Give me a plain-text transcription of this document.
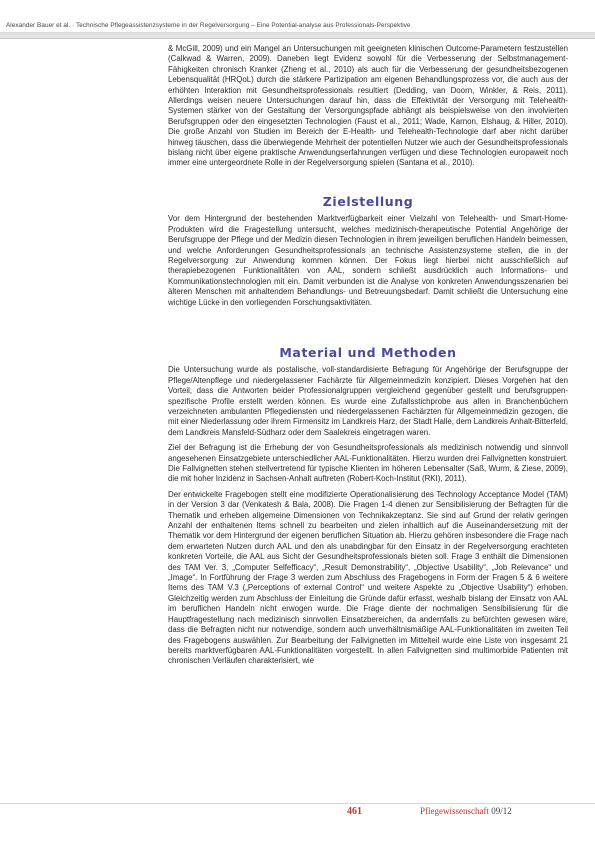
Alexander Bauer et al. · Technische Pflegeassistenzsysteme in der Regelversorgung – Eine Potential-analyse aus Professionals-Perspektive

& McGill, 2009) und ein Mangel an Untersuchungen mit geeigneten klinischen Outcome-Parametern festzustellen (Calkwad & Warren, 2009). Daneben liegt Evidenz sowohl für die Verbesserung der Selbstmanagement-Fähigkeiten chronisch Kranker (Zheng et al., 2010) als auch für die Verbesserung der gesundheitsbezogenen Lebensqualität (HRQoL) durch die stärkere Partizipation am eigenen Behandlungsprozess vor, die auch aus der erhöhten Interaktion mit Gesundheitsprofessionals resultiert (Dedding, van Doorn, Winkler, & Reis, 2011). Allerdings weisen neuere Untersuchungen darauf hin, dass die Effektivität der Versorgung mit Telehealth-Systemen stärker von der Gestaltung der Versorgungspfade abhängt als beispielsweise von den involvierten Berufsgruppen oder den eingesetzten Technologien (Faust et al., 2011; Wade, Karnon, Elshaug, & Hiller, 2010). Die große Anzahl von Studien im Bereich der E-Health- und Telehealth-Technologie darf aber nicht darüber hinweg täuschen, dass die überwiegende Mehrheit der potentiellen Nutzer wie auch der Gesundheitsprofessionals bislang nicht über eigene praktische Anwendungserfahrungen verfügen und diese Technologien europaweit noch immer eine untergeordnete Rolle in der Regelversorgung spielen (Santana et al., 2010).

Zielstellung

Vor dem Hintergrund der bestehenden Marktverfügbarkeit einer Vielzahl von Telehealth- und Smart-Home-Produkten wird die Fragestellung untersucht, welches medizinisch-therapeutische Potential Angehörige der Berufsgruppe der Pflege und der Medizin diesen Technologien in ihrem jeweiligen beruflichen Handeln beimessen, und welche Anforderungen Gesundheitsprofessionals an technische Assistenzsysteme stellen, die in der Regelversorgung zur Anwendung kommen können. Der Fokus liegt hierbei nicht ausschließlich auf therapiebezogenen Funktionalitäten von AAL, sondern schließt ausdrücklich auch Informations- und Kommunikationstechnologien mit ein. Damit verbunden ist die Analyse von konkreten Anwendungsszenarien bei älteren Menschen mit anhaltendem Behandlungs- und Betreuungsbedarf. Damit schließt die Untersuchung eine wichtige Lücke in den vorliegenden Forschungsaktivitäten.

Material und Methoden

Die Untersuchung wurde als postalische, voll-standardisierte Befragung für Angehörige der Berufsgruppe der Pflege/Altenpflege und niedergelassener Fachärzte für Allgemeinmedizin konzipiert. Dieses Vorgehen hat den Vorteil, dass die Antworten beider Professionalgruppen vergleichend gegenüber gestellt und berufsgruppen-spezifische Profile erstellt werden können. Es wurde eine Zufallsstichprobe aus allen in Branchenbüchern verzeichneten ambulanten Pflegediensten und niedergelassenen Fachärzten für Allgemeinmedizin gezogen, die mit einer Niederlassung oder ihrem Firmensitz im Landkreis Harz, der Stadt Halle, dem Landkreis Anhalt-Bitterfeld, dem Landkreis Mansfeld-Südharz oder dem Saalekreis eingetragen waren.

Ziel der Befragung ist die Erhebung der von Gesundheitsprofessionals als medizinisch notwendig und sinnvoll angesehenen Einsatzgebiete unterschiedlicher AAL-Funktionalitäten. Hierzu wurden drei Fallvignetten konstruiert. Die Fallvignetten stehen stellvertretend für typische Klienten im höheren Lebensalter (Saß, Wurm, & Ziese, 2009), die mit hoher Inzidenz in Sachsen-Anhalt auftreten (Robert-Koch-Institut (RKI), 2011).

Der entwickelte Fragebogen stellt eine modifizierte Operationalisierung des Technology Acceptance Model (TAM) in der Version 3 dar (Venkatesh & Bala, 2008). Die Fragen 1-4 dienen zur Sensibilisierung der Befragten für die Thematik und erheben allgemeine Dimensionen von Technikakzeptanz. Sie sind auf Grund der relativ geringen Anzahl der enthaltenen Items schnell zu bearbeiten und zielen inhaltlich auf die Auseinandersetzung mit der Thematik vor dem Hintergrund der eigenen beruflichen Situation ab. Hierzu gehören insbesondere die Frage nach dem erwarteten Nutzen durch AAL und den als unabdingbar für den Einsatz in der Regelversorgung erachteten konkreten Vorteile, die AAL aus Sicht der Gesundheitsprofessionals bieten soll. Frage 3 enthält die Dimensionen des TAM Ver. 3, „Computer Selfefficacy“, „Result Demonstrability“, „Objective Usability“, „Job Relevance“ und „Image“. In Fortführung der Frage 3 werden zum Abschluss des Fragebogens in Form der Fragen 5 & 6 weitere Items des TAM V.3 („Perceptions of external Control“ und weitere Aspekte zu „Objective Usability“) erhoben. Gleichzeitig werden zum Abschluss der Einleitung die Gründe dafür erfasst, weshalb bislang der Einsatz von AAL im beruflichen Handeln nicht erwogen wurde. Die Frage diente der nochmaligen Sensibilisierung für die Hauptfragestellung nach medizinisch sinnvollen Einsatzbereichen, da andernfalls zu befürchten gewesen wäre, dass die Befragten nicht nur notwendige, sondern auch unverhältnismäßige AAL-Funktionalitäten im zweiten Teil des Fragebogens auswählen. Zur Bearbeitung der Fallvignetten im Mittelteil wurde eine Liste von insgesamt 21 bereits marktverfügbaren AAL-Funktionalitäten vorgestellt. In allen Fallvignetten sind multimorbide Patienten mit chronischen Verläufen charakterisiert, wie

461	Pflegewissenschaft 09/12
